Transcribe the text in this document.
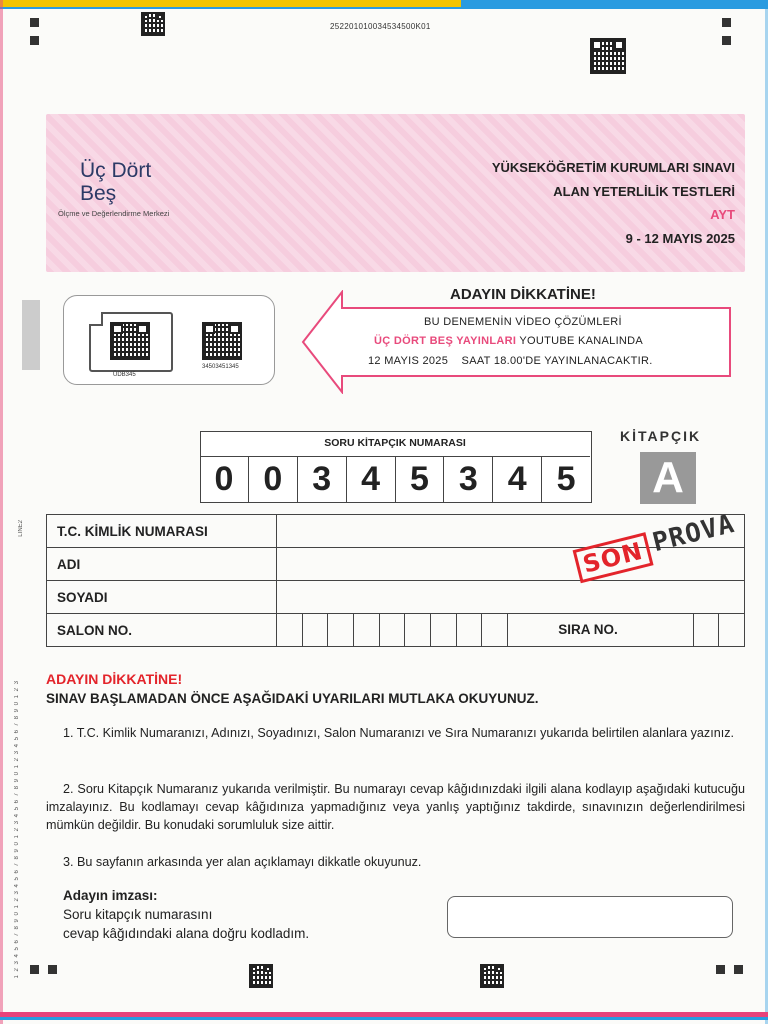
252201010034534500K01
Üç Dört
Beş
Ölçme ve Değerlendirme Merkezi
YÜKSEKÖĞRETİM KURUMLARI SINAVI
ALAN YETERLİLİK TESTLERİ
AYT
9 - 12 MAYIS 2025
LINE2
1 2 3 4 5 6 7 8 9 0 1 2 3 4 5 6 7 8 9 0 1 2 3 4 5 6 7 8 9 0 1 2 3 4 5 6 7 8 9 0 1 2 3
ÜDB345
34503451345
ADAYIN DİKKATİNE!
BU DENEMENİN VİDEO ÇÖZÜMLERİ
ÜÇ DÖRT BEŞ YAYINLARI YOUTUBE KANALINDA
12 MAYIS 2025    SAAT 18.00'DE YAYINLANACAKTIR.
SORU KİTAPÇIK NUMARASI
0 0 3 4 5 3 4 5
KİTAPÇIK
A
T.C. KİMLİK NUMARASI	
ADI	
SOYADI	
SALON NO.	SIRA NO.
SON PROVA
ADAYIN DİKKATİNE!
SINAV BAŞLAMADAN ÖNCE AŞAĞIDAKİ UYARILARI MUTLAKA OKUYUNUZ.
1. T.C. Kimlik Numaranızı, Adınızı, Soyadınızı, Salon Numaranızı ve Sıra Numaranızı yukarıda belirtilen alanlara yazınız.
2. Soru Kitapçık Numaranız yukarıda verilmiştir. Bu numarayı cevap kâğıdınızdaki ilgili alana kodlayıp aşağıdaki kutucuğu imzalayınız. Bu kodlamayı cevap kâğıdınıza yapmadığınız veya yanlış yaptığınız takdirde, sınavınızın değerlendirilmesi mümkün değildir. Bu konudaki sorumluluk size aittir.
3. Bu sayfanın arkasında yer alan açıklamayı dikkatle okuyunuz.
Adayın imzası:
Soru kitapçık numarasını
cevap kâğıdındaki alana doğru kodladım.
